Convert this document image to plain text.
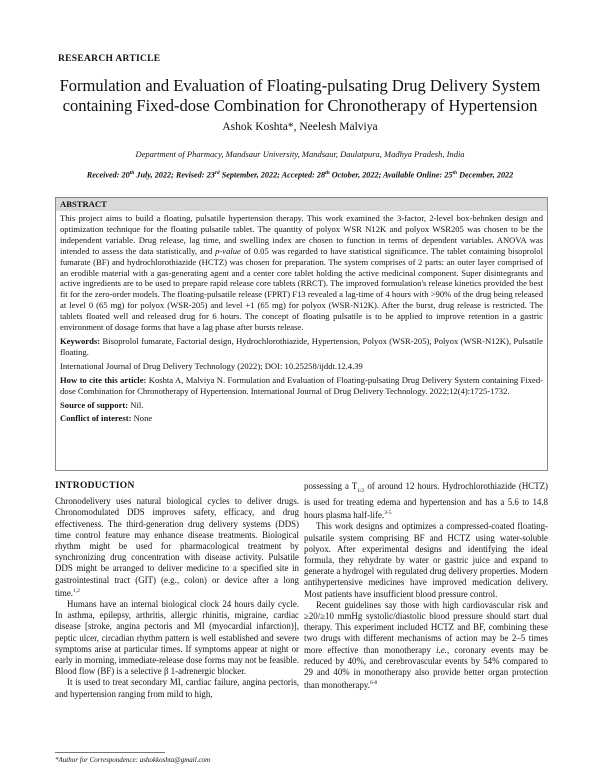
RESEARCH ARTICLE
Formulation and Evaluation of Floating-pulsating Drug Delivery System containing Fixed-dose Combination for Chronotherapy of Hypertension
Ashok Koshta*, Neelesh Malviya
Department of Pharmacy, Mandsaur University, Mandsaur, Daulatpura, Madhya Pradesh, India
Received: 20th July, 2022; Revised: 23rd September, 2022; Accepted: 28th October, 2022; Available Online: 25th December, 2022
ABSTRACT

This project aims to build a floating, pulsatile hypertension therapy. This work examined the 3-factor, 2-level box-behnken design and optimization technique for the floating pulsatile tablet. The quantity of polyox WSR N12K and polyox WSR205 was chosen to be the independent variable. Drug release, lag time, and swelling index are chosen to function in terms of dependent variables. ANOVA was intended to assess the data statistically, and p-value of 0.05 was regarded to have statistical significance. The tablet containing bisoprolol fumarate (BF) and hydrochlorothiazide (HCTZ) was chosen for preparation. The system comprises of 2 parts: an outer layer comprised of an erodible material with a gas-generating agent and a center core tablet holding the active medicinal component. Super disintegrants and active ingredients are to be used to prepare rapid release core tablets (RRCT). The improved formulation's release kinetics provided the best fit for the zero-order models. The floating-pulsatile release (FPRT) F13 revealed a lag-time of 4 hours with >90% of the drug being released at level 0 (65 mg) for polyox (WSR-205) and level +1 (65 mg) for polyox (WSR-N12K). After the burst, drug release is restricted. The tablets floated well and released drug for 6 hours. The concept of floating pulsatile is to be applied to improve retention in a gastric environment of dosage forms that have a lag phase after bursts release.

Keywords: Bisoprolol fumarate, Factorial design, Hydrochlorothiazide, Hypertension, Polyox (WSR-205), Polyox (WSR-N12K), Pulsatile floating.

International Journal of Drug Delivery Technology (2022); DOI: 10.25258/ijddt.12.4.39

How to cite this article: Koshta A, Malviya N. Formulation and Evaluation of Floating-pulsating Drug Delivery System containing Fixed-dose Combination for Chronotherapy of Hypertension. International Journal of Drug Delivery Technology. 2022;12(4):1725-1732.

Source of support: Nil.

Conflict of interest: None

INTRODUCTION

Chronodelivery uses natural biological cycles to deliver drugs. Chronomodulated DDS improves safety, efficacy, and drug effectiveness. The third-generation drug delivery systems (DDS) time control feature may enhance disease treatments. Biological rhythm might be used for pharmacological treatment by synchronizing drug concentration with disease activity. Pulsatile DDS might be arranged to deliver medicine to a specified site in gastrointestinal tract (GIT) (e.g., colon) or device after a long time.$^{1,2}$

Humans have an internal biological clock 24 hours daily cycle. In asthma, epilepsy, arthritis, allergic rhinitis, migraine, cardiac disease [stroke, angina pectoris and MI (myocardial infarction)], peptic ulcer, circadian rhythm pattern is well established and severe symptoms arise at particular times. If symptoms appear at night or early in morning, immediate-release dose forms may not be feasible. Blood flow (BF) is a selective β 1-adrenergic blocker.

It is used to treat secondary MI, cardiac failure, angina pectoris, and hypertension ranging from mild to high,

possessing a $T_{1/2}$ of around 12 hours. Hydrochlorothiazide (HCTZ) is used for treating edema and hypertension and has a 5.6 to 14.8 hours plasma half-life.$^{3-5}$

This work designs and optimizes a compressed-coated floating-pulsatile system comprising BF and HCTZ using water-soluble polyox. After experimental designs and identifying the ideal formula, they rehydrate by water or gastric juice and expand to generate a hydrogel with regulated drug delivery properties. Modern antihypertensive medicines have improved medication delivery. Most patients have insufficient blood pressure control.

Recent guidelines say those with high cardiovascular risk and ≥20/≥10 mmHg systolic/diastolic blood pressure should start dual therapy. This experiment included HCTZ and BF, combining these two drugs with different mechanisms of action may be 2–5 times more effective than monotherapy i.e., coronary events may be reduced by 40%, and cerebrovascular events by 54% compared to 29 and 40% in monotherapy also provide better organ protection than monotherapy.$^{6-8}$

*Author for Correspondence: ashokkoshta@gmail.com
